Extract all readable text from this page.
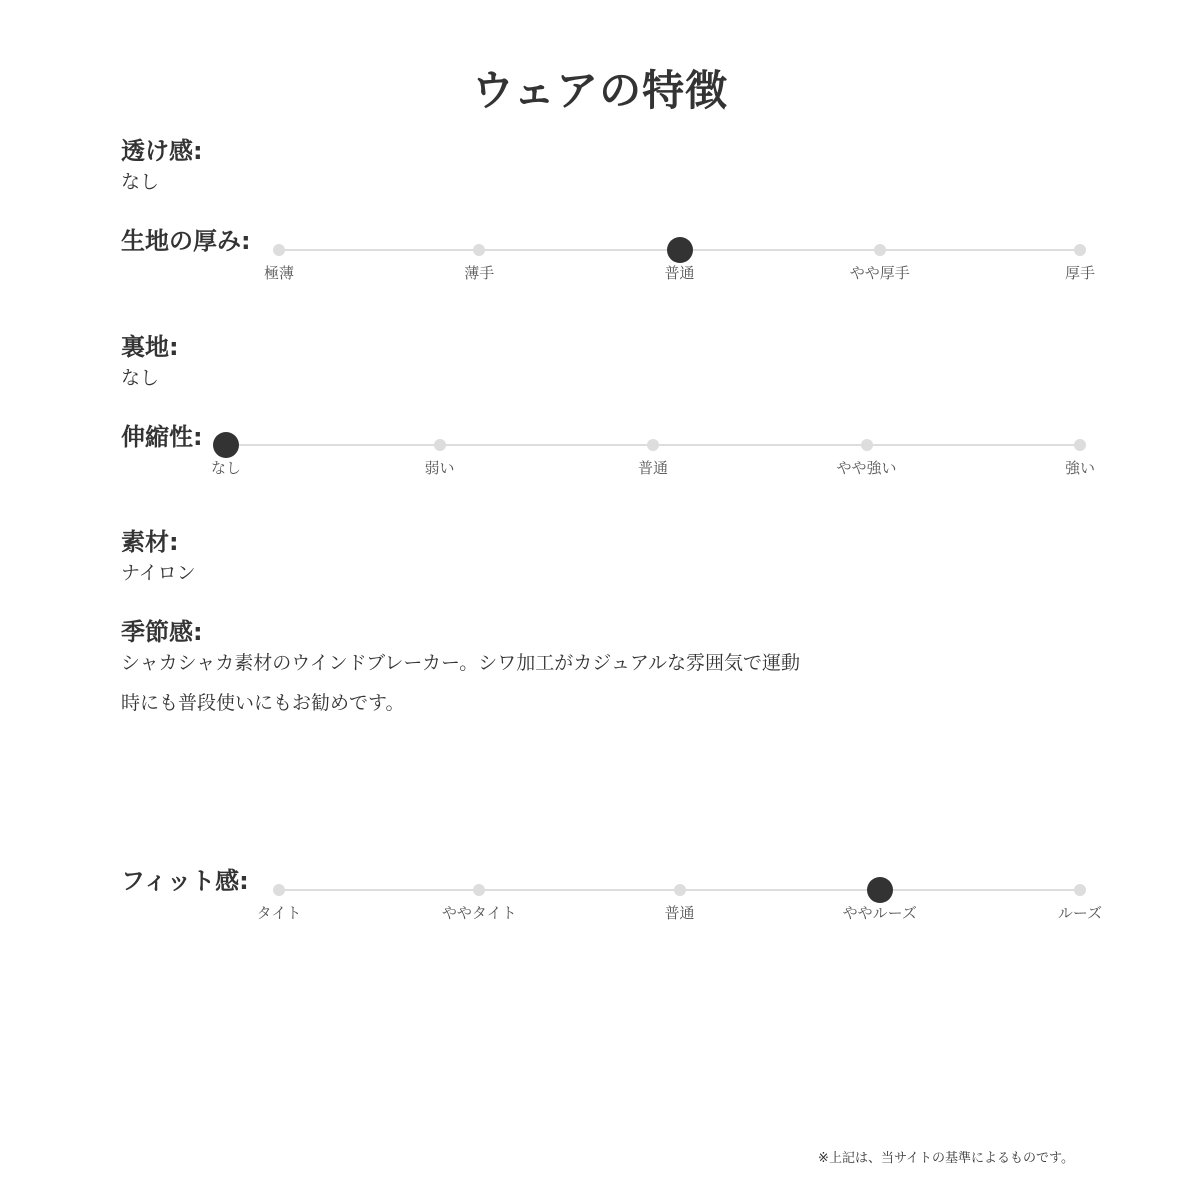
ウェアの特徴
透け感:
なし
生地の厚み:
裏地:
なし
伸縮性:
素材:
ナイロン
季節感:
シャカシャカ素材のウインドブレーカー。シワ加工がカジュアルな雰囲気で運動
時にも普段使いにもお勧めです。
フィット感:
※上記は、当サイトの基準によるものです。
極薄	薄手	普通	やや厚手	厚手
なし	弱い	普通	やや強い	強い
タイト	ややタイト	普通	ややルーズ	ルーズ
